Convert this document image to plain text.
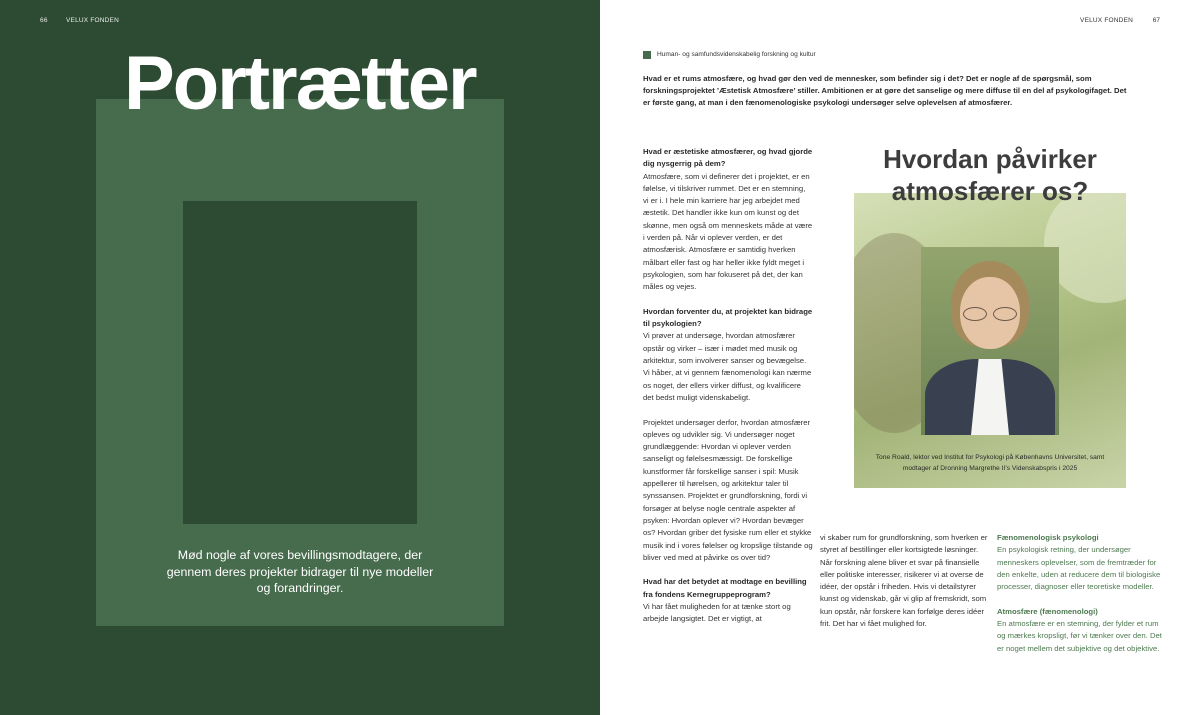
66	VELUX FONDEN
Portrætter

Mød nogle af vores bevillingsmodtagere, der gennem deres projekter bidrager til nye modeller og forandringer.

VELUX FONDEN	67
Human- og samfundsvidenskabelig forskning og kultur

Hvad er et rums atmosfære, og hvad gør den ved de mennesker, som befinder sig i det? Det er nogle af de spørgsmål, som forskningsprojektet ’Æstetisk Atmosfære’ stiller. Ambitionen er at gøre det sanselige og mere diffuse til en del af psykologifaget. Det er første gang, at man i den fænomenologiske psykologi undersøger selve oplevelsen af atmosfærer.

Hvad er æstetiske atmosfærer, og hvad gjorde dig nysgerrig på dem?

Atmosfære, som vi definerer det i projektet, er en følelse, vi tilskriver rummet. Det er en stemning, vi er i. I hele min karriere har jeg arbejdet med æstetik. Det handler ikke kun om kunst og det skønne, men også om menneskets måde at være i verden på. Når vi oplever verden, er det atmosfærisk. Atmosfære er samtidig hverken målbart eller fast og har heller ikke fyldt meget i psykologien, som har fokuseret på det, der kan måles og vejes.

Hvordan forventer du, at projektet kan bidrage til psykologien?

Vi prøver at undersøge, hvordan atmosfærer opstår og virker – især i mødet med musik og arkitektur, som involverer sanser og bevægelse. Vi håber, at vi gennem fænomenologi kan nærme os noget, der ellers virker diffust, og kvalificere det bedst muligt videnskabeligt.

Projektet undersøger derfor, hvordan atmosfærer opleves og udvikler sig. Vi undersøger noget grundlæggende: Hvordan vi oplever verden sanseligt og følelsesmæssigt. De forskellige kunstformer får forskellige sanser i spil: Musik appellerer til hørelsen, og arkitektur taler til synssansen. Projektet er grundforskning, fordi vi forsøger at belyse nogle centrale aspekter af psyken: Hvordan oplever vi? Hvordan bevæger os? Hvordan griber det fysiske rum eller et stykke musik ind i vores følelser og kropslige tilstande og bliver ved med at påvirke os over tid?

Hvad har det betydet at modtage en bevilling fra fondens Kernegruppeprogram?

Vi har fået muligheden for at tænke stort og arbejde langsigtet. Det er vigtigt, at

Tone Roald, lektor ved Institut for Psykologi på Københavns Universitet, samt modtager af Dronning Margrethe II’s Videnskabspris i 2025

Hvordan påvirker atmosfærer os?

vi skaber rum for grundforskning, som hverken er styret af bestillinger eller kortsigtede løsninger. Når forskning alene bliver et svar på finansielle eller politiske interesser, risikerer vi at overse de idéer, der opstår i friheden. Hvis vi detailstyrer kunst og videnskab, går vi glip af fremskridt, som kun opstår, når forskere kan forfølge deres idéer frit. Det har vi fået mulighed for.

Fænomenologisk psykologi

En psykologisk retning, der undersøger menneskers oplevelser, som de fremtræder for den enkelte, uden at reducere dem til biologiske processer, diagnoser eller teoretiske modeller.

Atmosfære (fænomenologi)

En atmosfære er en stemning, der fylder et rum og mærkes kropsligt, før vi tænker over den. Det er noget mellem det subjektive og det objektive.
